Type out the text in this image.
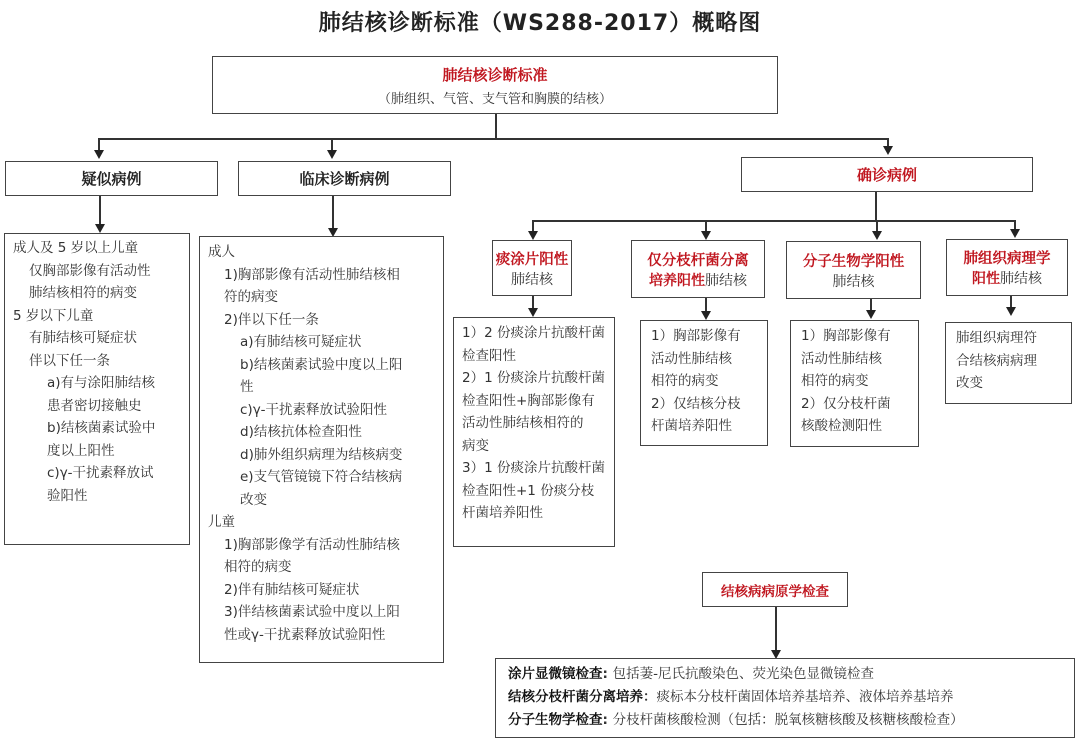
肺结核诊断标准（WS288-2017）概略图
肺结核诊断标准
（肺组织、气管、支气管和胸膜的结核）
疑似病例	临床诊断病例	确诊病例
成人及 5 岁以上儿童
仅胸部影像有活动性
肺结核相符的病变
5 岁以下儿童
有肺结核可疑症状
伴以下任一条
a)有与涂阳肺结核
患者密切接触史
b)结核菌素试验中
度以上阳性
c)γ-干扰素释放试
验阳性
成人
1)胸部影像有活动性肺结核相
符的病变
2)伴以下任一条
a)有肺结核可疑症状
b)结核菌素试验中度以上阳
性
c)γ-干扰素释放试验阳性
d)结核抗体检查阳性
d)肺外组织病理为结核病变
e)支气管镜镜下符合结核病
改变
儿童
1)胸部影像学有活动性肺结核
相符的病变
2)伴有肺结核可疑症状
3)伴结核菌素试验中度以上阳
性或γ-干扰素释放试验阳性
痰涂片阳性
肺结核
1）2 份痰涂片抗酸杆菌
检查阳性
2）1 份痰涂片抗酸杆菌
检查阳性+胸部影像有
活动性肺结核相符的
病变
3）1 份痰涂片抗酸杆菌
检查阳性+1 份痰分枝
杆菌培养阳性
仅分枝杆菌分离
培养阳性肺结核
1）胸部影像有
活动性肺结核
相符的病变
2）仅结核分枝
杆菌培养阳性
分子生物学阳性
肺结核
1）胸部影像有
活动性肺结核
相符的病变
2）仅分枝杆菌
核酸检测阳性
肺组织病理学
阳性肺结核
肺组织病理符
合结核病病理
改变
结核病病原学检查
涂片显微镜检查: 包括萋-尼氏抗酸染色、荧光染色显微镜检查
结核分枝杆菌分离培养：痰标本分枝杆菌固体培养基培养、液体培养基培养
分子生物学检查: 分枝杆菌核酸检测（包括：脱氧核糖核酸及核糖核酸检查）
